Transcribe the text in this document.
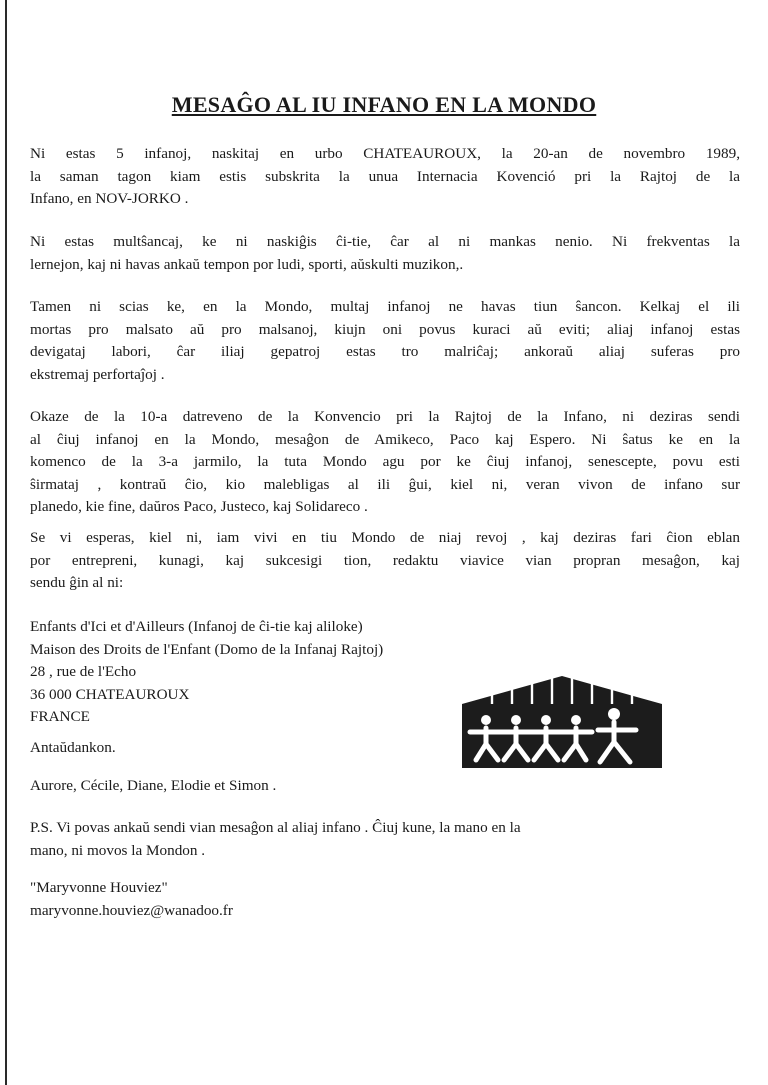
MESAĜO AL IU INFANO EN LA MONDO
Ni estas 5 infanoj, naskitaj en urbo CHATEAUROUX, la 20-an de novembro 1989,
la saman tagon kiam estis subskrita la unua Internacia Kovenció pri la Rajtoj de la
Infano, en NOV-JORKO .
Ni estas multŝancaj, ke ni naskiĝis ĉi-tie, ĉar al ni mankas nenio. Ni frekventas la
lernejon, kaj ni havas ankaŭ tempon por ludi, sporti, aŭskulti muzikon,.
Tamen ni scias ke, en la Mondo, multaj infanoj ne havas tiun ŝancon. Kelkaj el ili
mortas pro malsato aŭ pro malsanoj, kiujn oni povus kuraci aŭ eviti; aliaj infanoj estas
devigataj labori, ĉar iliaj gepatroj estas tro malriĉaj; ankoraŭ aliaj suferas pro
ekstremaj perfortaĵoj .
Okaze de la 10-a datreveno de la Konvencio pri la Rajtoj de la Infano, ni deziras sendi
al ĉiuj infanoj en la Mondo, mesaĝon de Amikeco, Paco kaj Espero. Ni ŝatus ke en la
komenco de la 3-a jarmilo, la tuta Mondo agu por ke ĉiuj infanoj, senescepte, povu esti
ŝirmataj , kontraŭ ĉio, kio malebligas al ili ĝui, kiel ni, veran vivon de infano sur
planedo, kie fine, daŭros Paco, Justeco, kaj Solidareco .
Se vi esperas, kiel ni, iam vivi en tiu Mondo de niaj revoj , kaj deziras fari ĉion eblan
por entrepreni, kunagi, kaj sukcesigi tion, redaktu viavice vian propran mesaĝon, kaj
sendu ĝin al ni:
Enfants d'Ici et d'Ailleurs (Infanoj de ĉi-tie kaj aliloke)
Maison des Droits de l'Enfant (Domo de la Infanaj Rajtoj)
28 , rue de l'Echo
36 000 CHATEAUROUX
FRANCE
Antaŭdankon.
Aurore, Cécile, Diane, Elodie et Simon .
P.S. Vi povas ankaŭ sendi vian mesaĝon al aliaj infano . Ĉiuj kune, la mano en la
mano, ni movos la Mondon .
"Maryvonne Houviez"
maryvonne.houviez@wanadoo.fr
